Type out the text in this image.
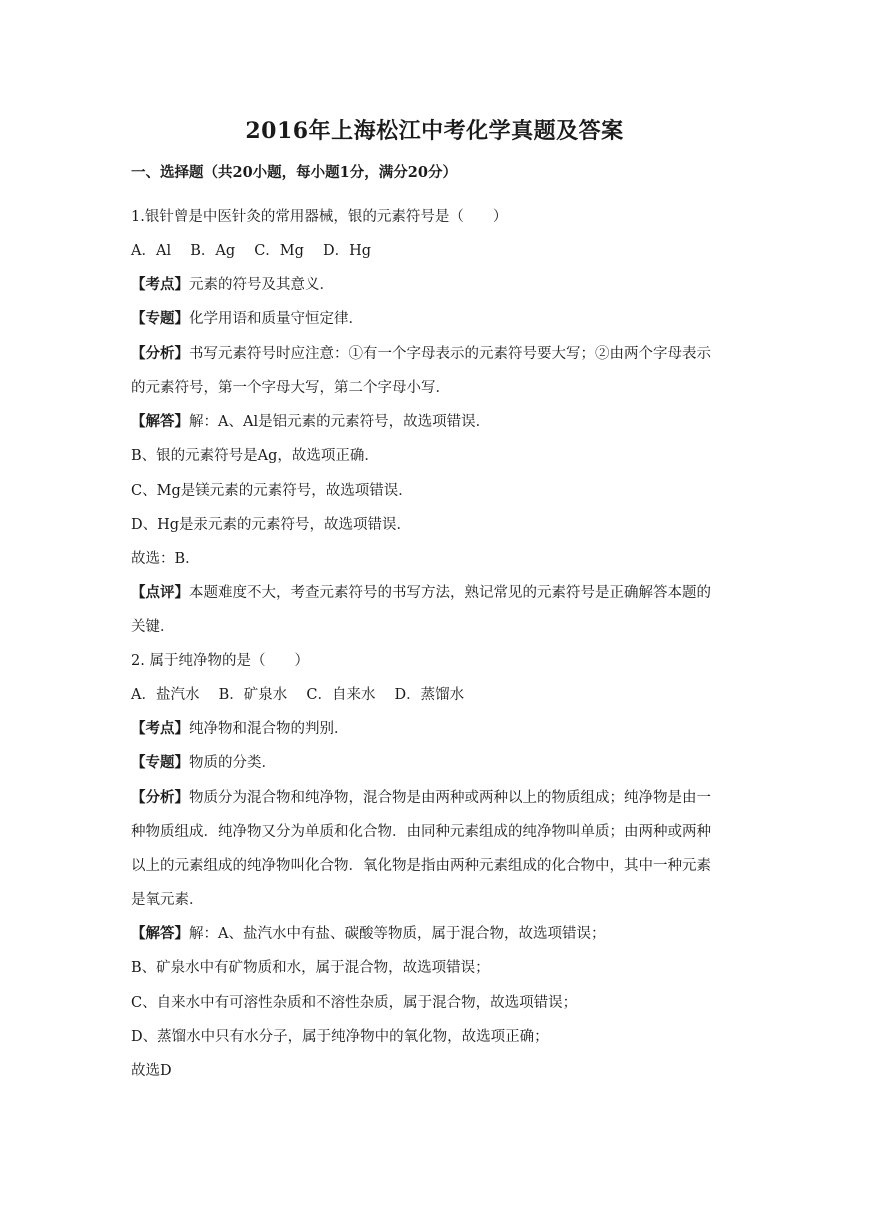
2016年上海松江中考化学真题及答案
一、选择题（共20小题，每小题1分，满分20分）
1.银针曾是中医针灸的常用器械，银的元素符号是（　　）
A．Al　 B．Ag　 C．Mg　 D．Hg
【考点】元素的符号及其意义．
【专题】化学用语和质量守恒定律．
【分析】书写元素符号时应注意：①有一个字母表示的元素符号要大写；②由两个字母表示
的元素符号，第一个字母大写，第二个字母小写．
【解答】解：A、Al是铝元素的元素符号，故选项错误．
B、银的元素符号是Ag，故选项正确．
C、Mg是镁元素的元素符号，故选项错误．
D、Hg是汞元素的元素符号，故选项错误．
故选：B．
【点评】本题难度不大，考查元素符号的书写方法，熟记常见的元素符号是正确解答本题的
关键．
2. 属于纯净物的是（　　）
A．盐汽水　 B．矿泉水　 C．自来水　 D．蒸馏水
【考点】纯净物和混合物的判别．
【专题】物质的分类．
【分析】物质分为混合物和纯净物，混合物是由两种或两种以上的物质组成；纯净物是由一
种物质组成．纯净物又分为单质和化合物．由同种元素组成的纯净物叫单质；由两种或两种
以上的元素组成的纯净物叫化合物．氧化物是指由两种元素组成的化合物中，其中一种元素
是氧元素．
【解答】解：A、盐汽水中有盐、碳酸等物质，属于混合物，故选项错误；
B、矿泉水中有矿物质和水，属于混合物，故选项错误；
C、自来水中有可溶性杂质和不溶性杂质，属于混合物，故选项错误；
D、蒸馏水中只有水分子，属于纯净物中的氧化物，故选项正确；
故选D
